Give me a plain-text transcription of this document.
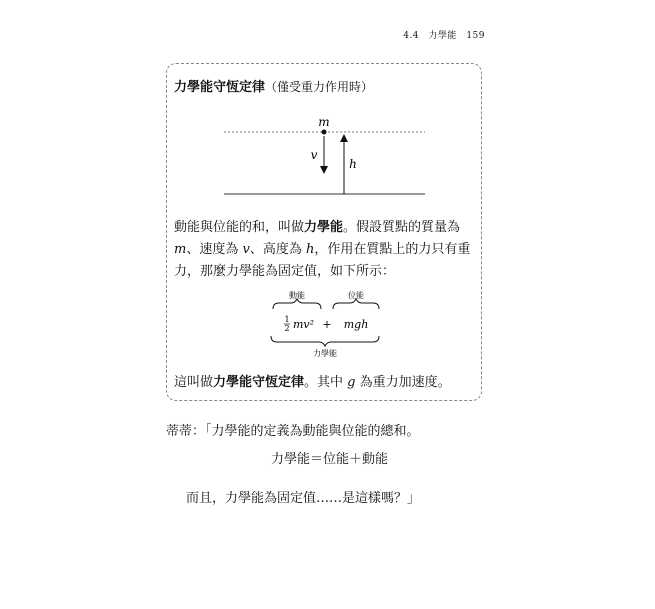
4.4 力學能 159
力學能守恆定律（僅受重力作用時）
m
v
h
動能與位能的和，叫做力學能。假設質點的質量為 m、速度為 v、高度為 h，作用在質點上的力只有重力，那麼力學能為固定值，如下所示：
動能	位能
1
2 mv² + mgh
力學能
這叫做力學能守恆定律。其中 g 為重力加速度。
蒂蒂：「力學能的定義為動能與位能的總和。
力學能＝位能＋動能
而且，力學能為固定值……是這樣嗎？」
